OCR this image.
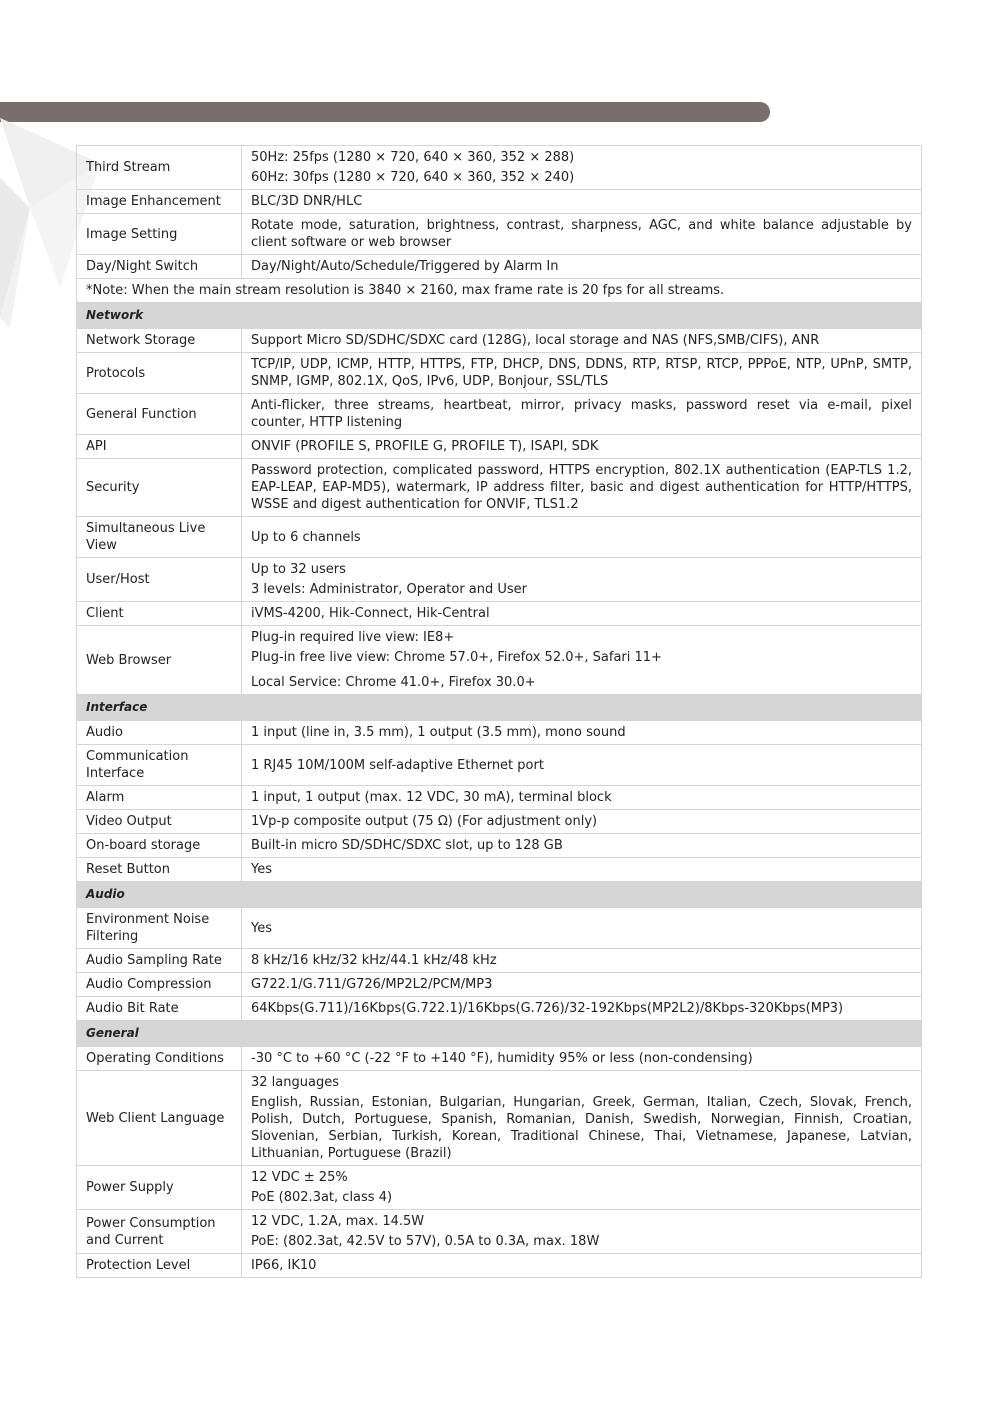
Third Stream	50Hz: 25fps (1280 × 720, 640 × 360, 352 × 288)
60Hz: 30fps (1280 × 720, 640 × 360, 352 × 240)

Image Enhancement	BLC/3D DNR/HLC
Image Setting	Rotate mode, saturation, brightness, contrast, sharpness, AGC, and white balance adjustable by client software or web browser
Day/Night Switch	Day/Night/Auto/Schedule/Triggered by Alarm In
*Note: When the main stream resolution is 3840 × 2160, max frame rate is 20 fps for all streams.	
Network	
Network Storage	Support Micro SD/SDHC/SDXC card (128G), local storage and NAS (NFS,SMB/CIFS), ANR
Protocols	TCP/IP, UDP, ICMP, HTTP, HTTPS, FTP, DHCP, DNS, DDNS, RTP, RTSP, RTCP, PPPoE, NTP, UPnP, SMTP, SNMP, IGMP, 802.1X, QoS, IPv6, UDP, Bonjour, SSL/TLS
General Function	Anti-flicker, three streams, heartbeat, mirror, privacy masks, password reset via e-mail, pixel counter, HTTP listening
API	ONVIF (PROFILE S, PROFILE G, PROFILE T), ISAPI, SDK
Security	Password protection, complicated password, HTTPS encryption, 802.1X authentication (EAP-TLS 1.2, EAP-LEAP, EAP-MD5), watermark, IP address filter, basic and digest authentication for HTTP/HTTPS, WSSE and digest authentication for ONVIF, TLS1.2
Simultaneous Live View	Up to 6 channels
User/Host	Up to 32 users
3 levels: Administrator, Operator and User

Client	iVMS-4200, Hik-Connect, Hik-Central
Web Browser	Plug-in required live view: IE8+
Plug-in free live view: Chrome 57.0+, Firefox 52.0+, Safari 11+
Local Service: Chrome 41.0+, Firefox 30.0+

Interface	
Audio	1 input (line in, 3.5 mm), 1 output (3.5 mm), mono sound
Communication Interface	1 RJ45 10M/100M self-adaptive Ethernet port
Alarm	1 input, 1 output (max. 12 VDC, 30 mA), terminal block
Video Output	1Vp-p composite output (75 Ω) (For adjustment only)
On-board storage	Built-in micro SD/SDHC/SDXC slot, up to 128 GB
Reset Button	Yes
Audio	
Environment Noise Filtering	Yes
Audio Sampling Rate	8 kHz/16 kHz/32 kHz/44.1 kHz/48 kHz
Audio Compression	G722.1/G.711/G726/MP2L2/PCM/MP3
Audio Bit Rate	64Kbps(G.711)/16Kbps(G.722.1)/16Kbps(G.726)/32-192Kbps(MP2L2)/8Kbps-320Kbps(MP3)
General	
Operating Conditions	-30 °C to +60 °C (-22 °F to +140 °F), humidity 95% or less (non-condensing)
Web Client Language	32 languages
English, Russian, Estonian, Bulgarian, Hungarian, Greek, German, Italian, Czech, Slovak, French, Polish, Dutch, Portuguese, Spanish, Romanian, Danish, Swedish, Norwegian, Finnish, Croatian, Slovenian, Serbian, Turkish, Korean, Traditional Chinese, Thai, Vietnamese, Japanese, Latvian, Lithuanian, Portuguese (Brazil)

Power Supply	12 VDC ± 25%
PoE (802.3at, class 4)

Power Consumption and Current	12 VDC, 1.2A, max. 14.5W
PoE: (802.3at, 42.5V to 57V), 0.5A to 0.3A, max. 18W

Protection Level	IP66, IK10
